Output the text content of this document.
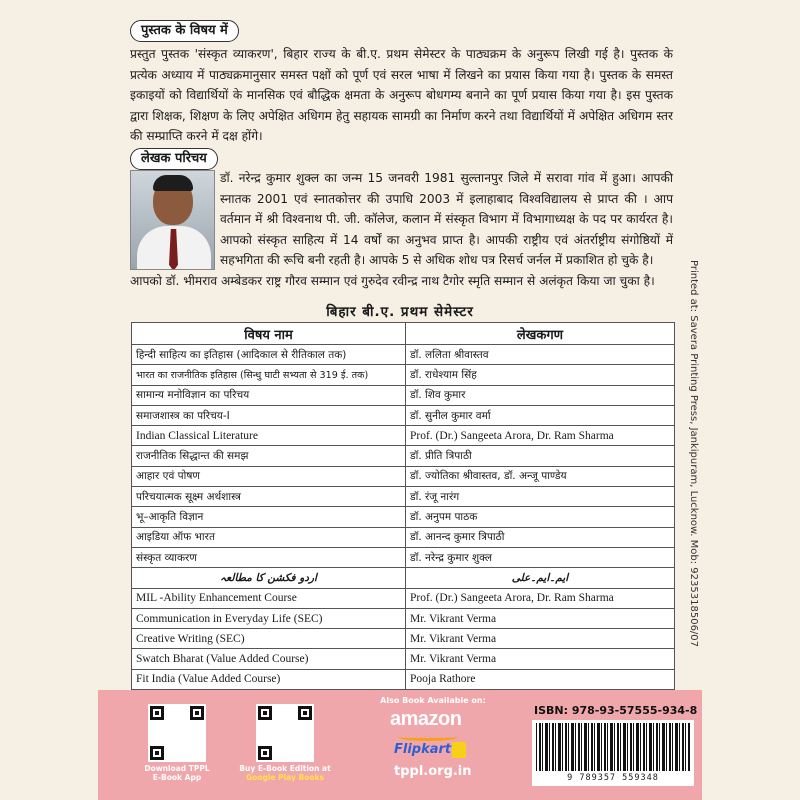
पुस्तक के विषय में

प्रस्तुत पुस्तक 'संस्कृत व्याकरण', बिहार राज्य के बी.ए. प्रथम सेमेस्टर के पाठ्यक्रम के अनुरूप लिखी गई है। पुस्तक के प्रत्येक अध्याय में पाठ्यक्रमानुसार समस्त पक्षों को पूर्ण एवं सरल भाषा में लिखने का प्रयास किया गया है। पुस्तक के समस्त इकाइयों को विद्यार्थियों के मानसिक एवं बौद्धिक क्षमता के अनुरूप बोधगम्य बनाने का पूर्ण प्रयास किया गया है। इस पुस्तक द्वारा शिक्षक, शिक्षण के लिए अपेक्षित अधिगम हेतु सहायक सामग्री का निर्माण करने तथा विद्यार्थियों में अपेक्षित अधिगम स्तर की सम्प्राप्ति करने में दक्ष होंगे।

लेखक परिचय

डॉ. नरेन्द्र कुमार शुक्ल का जन्म 15 जनवरी 1981 सुल्तानपुर जिले में सरावा गांव में हुआ। आपकी स्नातक 2001 एवं स्नातकोत्तर की उपाधि 2003 में इलाहाबाद विश्वविद्यालय से प्राप्त की । आप वर्तमान में श्री विश्वनाथ पी. जी. कॉलेज, कलान में संस्कृत विभाग में विभागाध्यक्ष के पद पर कार्यरत है। आपको संस्कृत साहित्य में 14 वर्षों का अनुभव प्राप्त है। आपकी राष्ट्रीय एवं अंतर्राष्ट्रीय संगोष्ठियों में सहभगिता की रूचि बनी रहती है। आपके 5 से अधिक शोध पत्र रिसर्च जर्नल में प्रकाशित हो चुके है।

आपको डॉ. भीमराव अम्बेडकर राष्ट्र गौरव सम्मान एवं गुरुदेव रवीन्द्र नाथ टैगोर स्मृति सम्मान से अलंकृत किया जा चुका है।

बिहार बी.ए. प्रथम सेमेस्टर
विषय नाम	लेखकगण
हिन्दी साहित्य का इतिहास (आदिकाल से रीतिकाल तक)	डॉ. ललिता श्रीवास्तव
भारत का राजनीतिक इतिहास (सिन्धु घाटी सभ्यता से 319 ई. तक)	डॉ. राधेश्याम सिंह
सामान्य मनोविज्ञान का परिचय	डॉ. शिव कुमार
समाजशास्त्र का परिचय-I	डॉ. सुनील कुमार वर्मा
Indian Classical Literature	Prof. (Dr.) Sangeeta Arora, Dr. Ram Sharma
राजनीतिक सिद्धान्त की समझ	डॉ. प्रीति त्रिपाठी
आहार एवं पोषण	डॉ. ज्योतिका श्रीवास्तव, डॉ. अन्जू पाण्डेय
परिचयात्मक सूक्ष्म अर्थशास्त्र	डॉ. रंजू नारंग
भू–आकृति विज्ञान	डॉ. अनुपम पाठक
आइडिया ऑफ भारत	डॉ. आनन्द कुमार त्रिपाठी
संस्कृत व्याकरण	डॉ. नरेन्द्र कुमार शुक्ल
اردو فکشن کا مطالعہ	ایم۔ایم۔علی
MIL -Ability Enhancement Course	Prof. (Dr.) Sangeeta Arora, Dr. Ram Sharma
Communication in Everyday Life (SEC)	Mr. Vikrant Verma
Creative Writing (SEC)	Mr. Vikrant Verma
Swatch Bharat (Value Added Course)	Mr. Vikrant Verma
Fit India (Value Added Course)	Pooja Rathore
Printed at: Savera Printing Press, Jankipuram, Lucknow. Mob: 9235318506/07
Download TPPL
E-Book App
Buy E-Book Edition at
Google Play Books
Also Book Available on:
amazon
Flipkart
tppl.org.in
ISBN: 978-93-57555-934-8
9 789357 559348
